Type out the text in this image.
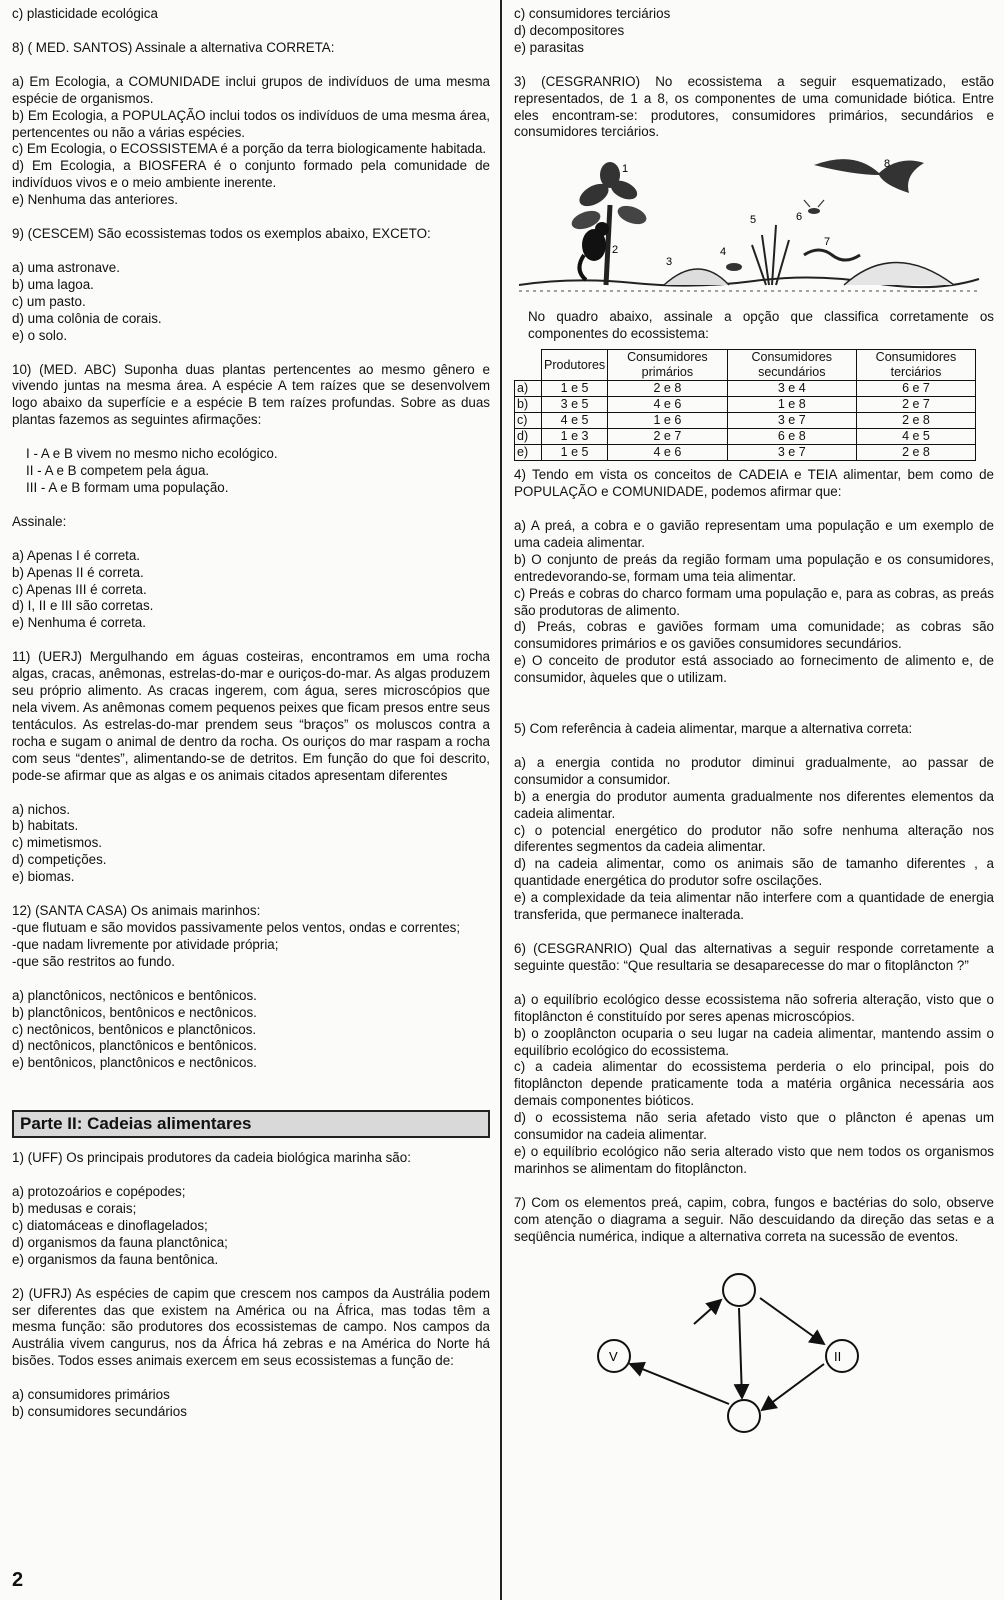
c) plasticidade ecológica

8) ( MED. SANTOS) Assinale a alternativa CORRETA:

a) Em Ecologia, a COMUNIDADE inclui grupos de indivíduos de uma mesma espécie de organismos.

b) Em Ecologia, a POPULAÇÃO inclui todos os indivíduos de uma mesma área, pertencentes ou não a várias espécies.

c) Em Ecologia, o ECOSSISTEMA é a porção da terra biologicamente habitada.

d) Em Ecologia, a BIOSFERA é o conjunto formado pela comunidade de indivíduos vivos e o meio ambiente inerente.

e) Nenhuma das anteriores.

9) (CESCEM) São ecossistemas todos os exemplos abaixo, EXCETO:

a) uma astronave.

b) uma lagoa.

c) um pasto.

d) uma colônia de corais.

e) o solo.

10) (MED. ABC) Suponha duas plantas pertencentes ao mesmo gênero e vivendo juntas na mesma área. A espécie A tem raízes que se desenvolvem logo abaixo da superfície e a espécie B tem raízes profundas. Sobre as duas plantas fazemos as seguintes afirmações:

I - A e B vivem no mesmo nicho ecológico.

II - A e B competem pela água.

III - A e B formam uma população.

Assinale:

a) Apenas I é correta.

b) Apenas II é correta.

c) Apenas III é correta.

d) I, II e III são corretas.

e) Nenhuma é correta.

11) (UERJ) Mergulhando em águas costeiras, encontramos em uma rocha algas, cracas, anêmonas, estrelas-do-mar e ouriços-do-mar. As algas produzem seu próprio alimento. As cracas ingerem, com água, seres microscópios que nela vivem. As anêmonas comem pequenos peixes que ficam presos entre seus tentáculos. As estrelas-do-mar prendem seus “braços” os moluscos contra a rocha e sugam o animal de dentro da rocha. Os ouriços do mar raspam a rocha com seus “dentes”, alimentando-se de detritos. Em função do que foi descrito, pode-se afirmar que as algas e os animais citados apresentam diferentes

a) nichos.

b) habitats.

c) mimetismos.

d) competições.

e) biomas.

12) (SANTA CASA) Os animais marinhos:

-que flutuam e são movidos passivamente pelos ventos, ondas e correntes;

-que nadam livremente por atividade própria;

-que são restritos ao fundo.

a) planctônicos, nectônicos e bentônicos.

b) planctônicos, bentônicos e nectônicos.

c) nectônicos, bentônicos e planctônicos.

d) nectônicos, planctônicos e bentônicos.

e) bentônicos, planctônicos e nectônicos.

Parte II: Cadeias alimentares

1) (UFF) Os principais produtores da cadeia biológica marinha são:

a) protozoários e copépodes;

b) medusas e corais;

c) diatomáceas e dinoflagelados;

d) organismos da fauna planctônica;

e) organismos da fauna bentônica.

2) (UFRJ) As espécies de capim que crescem nos campos da Austrália podem ser diferentes das que existem na América ou na África, mas todas têm a mesma função: são produtores dos ecossistemas de campo. Nos campos da Austrália vivem cangurus, nos da África há zebras e na América do Norte há bisões. Todos esses animais exercem em seus ecossistemas a função de:

a) consumidores primários

b) consumidores secundários

c) consumidores terciários

d) decompositores

e) parasitas

3) (CESGRANRIO) No ecossistema a seguir esquematizado, estão representados, de 1 a 8, os componentes de uma comunidade biótica. Entre eles encontram-se: produtores, consumidores primários, secundários e consumidores terciários.

1
2
3
4
5	6
7
8

No quadro abaixo, assinale a opção que classifica corretamente os componentes do ecossistema:

	Produtores	Consumidores primários	Consumidores secundários	Consumidores terciários
a)	1 e 5	2 e 8	3 e 4	6 e 7
b)	3 e 5	4 e 6	1 e 8	2 e 7
c)	4 e 5	1 e 6	3 e 7	2 e 8
d)	1 e 3	2 e 7	6 e 8	4 e 5
e)	1 e 5	4 e 6	3 e 7	2 e 8

4) Tendo em vista os conceitos de CADEIA e TEIA alimentar, bem como de POPULAÇÃO e COMUNIDADE, podemos afirmar que:

a) A preá, a cobra e o gavião representam uma população e um exemplo de uma cadeia alimentar.

b) O conjunto de preás da região formam uma população e os consumidores, entredevorando-se, formam uma teia alimentar.

c) Preás e cobras do charco formam uma população e, para as cobras, as preás são produtoras de alimento.

d) Preás, cobras e gaviões formam uma comunidade; as cobras são consumidores primários e os gaviões consumidores secundários.

e) O conceito de produtor está associado ao fornecimento de alimento e, de consumidor, àqueles que o utilizam.

5) Com referência à cadeia alimentar, marque a alternativa correta:

a) a energia contida no produtor diminui gradualmente, ao passar de consumidor a consumidor.

b) a energia do produtor aumenta gradualmente nos diferentes elementos da cadeia alimentar.

c) o potencial energético do produtor não sofre nenhuma alteração nos diferentes segmentos da cadeia alimentar.

d) na cadeia alimentar, como os animais são de tamanho diferentes , a quantidade energética do produtor sofre oscilações.

e) a complexidade da teia alimentar não interfere com a quantidade de energia transferida, que permanece inalterada.

6) (CESGRANRIO) Qual das alternativas a seguir responde corretamente a seguinte questão: “Que resultaria se desaparecesse do mar o fitoplâncton ?”

a) o equilíbrio ecológico desse ecossistema não sofreria alteração, visto que o fitoplâncton é constituído por seres apenas microscópios.

b) o zooplâncton ocuparia o seu lugar na cadeia alimentar, mantendo assim o equilíbrio ecológico do ecossistema.

c) a cadeia alimentar do ecossistema perderia o elo principal, pois do fitoplâncton depende praticamente toda a matéria orgânica necessária aos demais componentes bióticos.

d) o ecossistema não seria afetado visto que o plâncton é apenas um consumidor na cadeia alimentar.

e) o equilíbrio ecológico não seria alterado visto que nem todos os organismos marinhos se alimentam do fitoplâncton.

7) Com os elementos preá, capim, cobra, fungos e bactérias do solo, observe com atenção o diagrama a seguir. Não descuidando da direção das setas e a seqüência numérica, indique a alternativa correta na sucessão de eventos.

V	II
2
